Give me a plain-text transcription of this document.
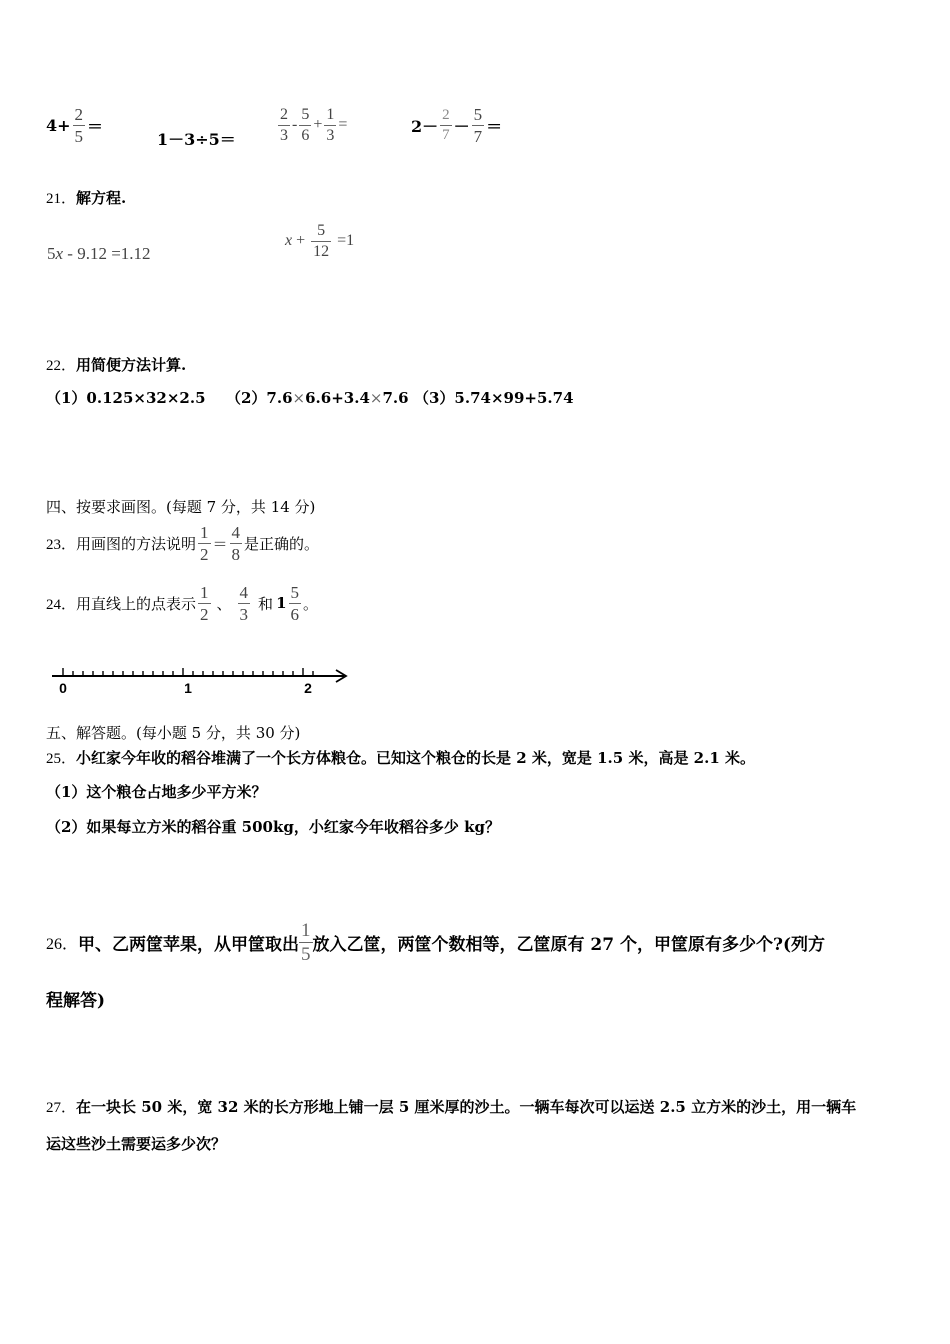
$4+ \frac{2}{5}$ ＝
1－3÷5＝	$\frac{2}{3} - \frac{5}{6} + \frac{1}{3}$ =	$2- \frac{2}{7} - \frac{5}{7}$ ＝
21．解方程.
5x - 9.12 =1.12
$x + \frac{5}{12} =1$
22．用简便方法计算.
（1）0.125×32×2.5 （2）7.6×6.6+3.4×7.6 （3）5.74×99+5.74
四、按要求画图。(每题 7 分，共 14 分)
23． 用画图的方法说明 $\frac{1}{2} = \frac{4}{8}$ 是正确的。
24． 用直线上的点表示 $\frac{1}{2}$ 、 $\frac{4}{3}$ 和 $1 \frac{5}{6}$ 。
0	1	2
五、解答题。(每小题 5 分，共 30 分)
25．小红家今年收的稻谷堆满了一个长方体粮仓。已知这个粮仓的长是 2 米，宽是 1.5 米，高是 2.1 米。
（1）这个粮仓占地多少平方米？
（2）如果每立方米的稻谷重 500kg，小红家今年收稻谷多少 kg？
26． 甲、乙两筐苹果，从甲筐取出 $\frac{1}{5}$ 放入乙筐，两筐个数相等，乙筐原有 27 个，甲筐原有多少个?(列方
程解答)
27．在一块长 50 米，宽 32 米的长方形地上铺一层 5 厘米厚的沙土。一辆车每次可以运送 2.5 立方米的沙土，用一辆车
运这些沙土需要运多少次？
